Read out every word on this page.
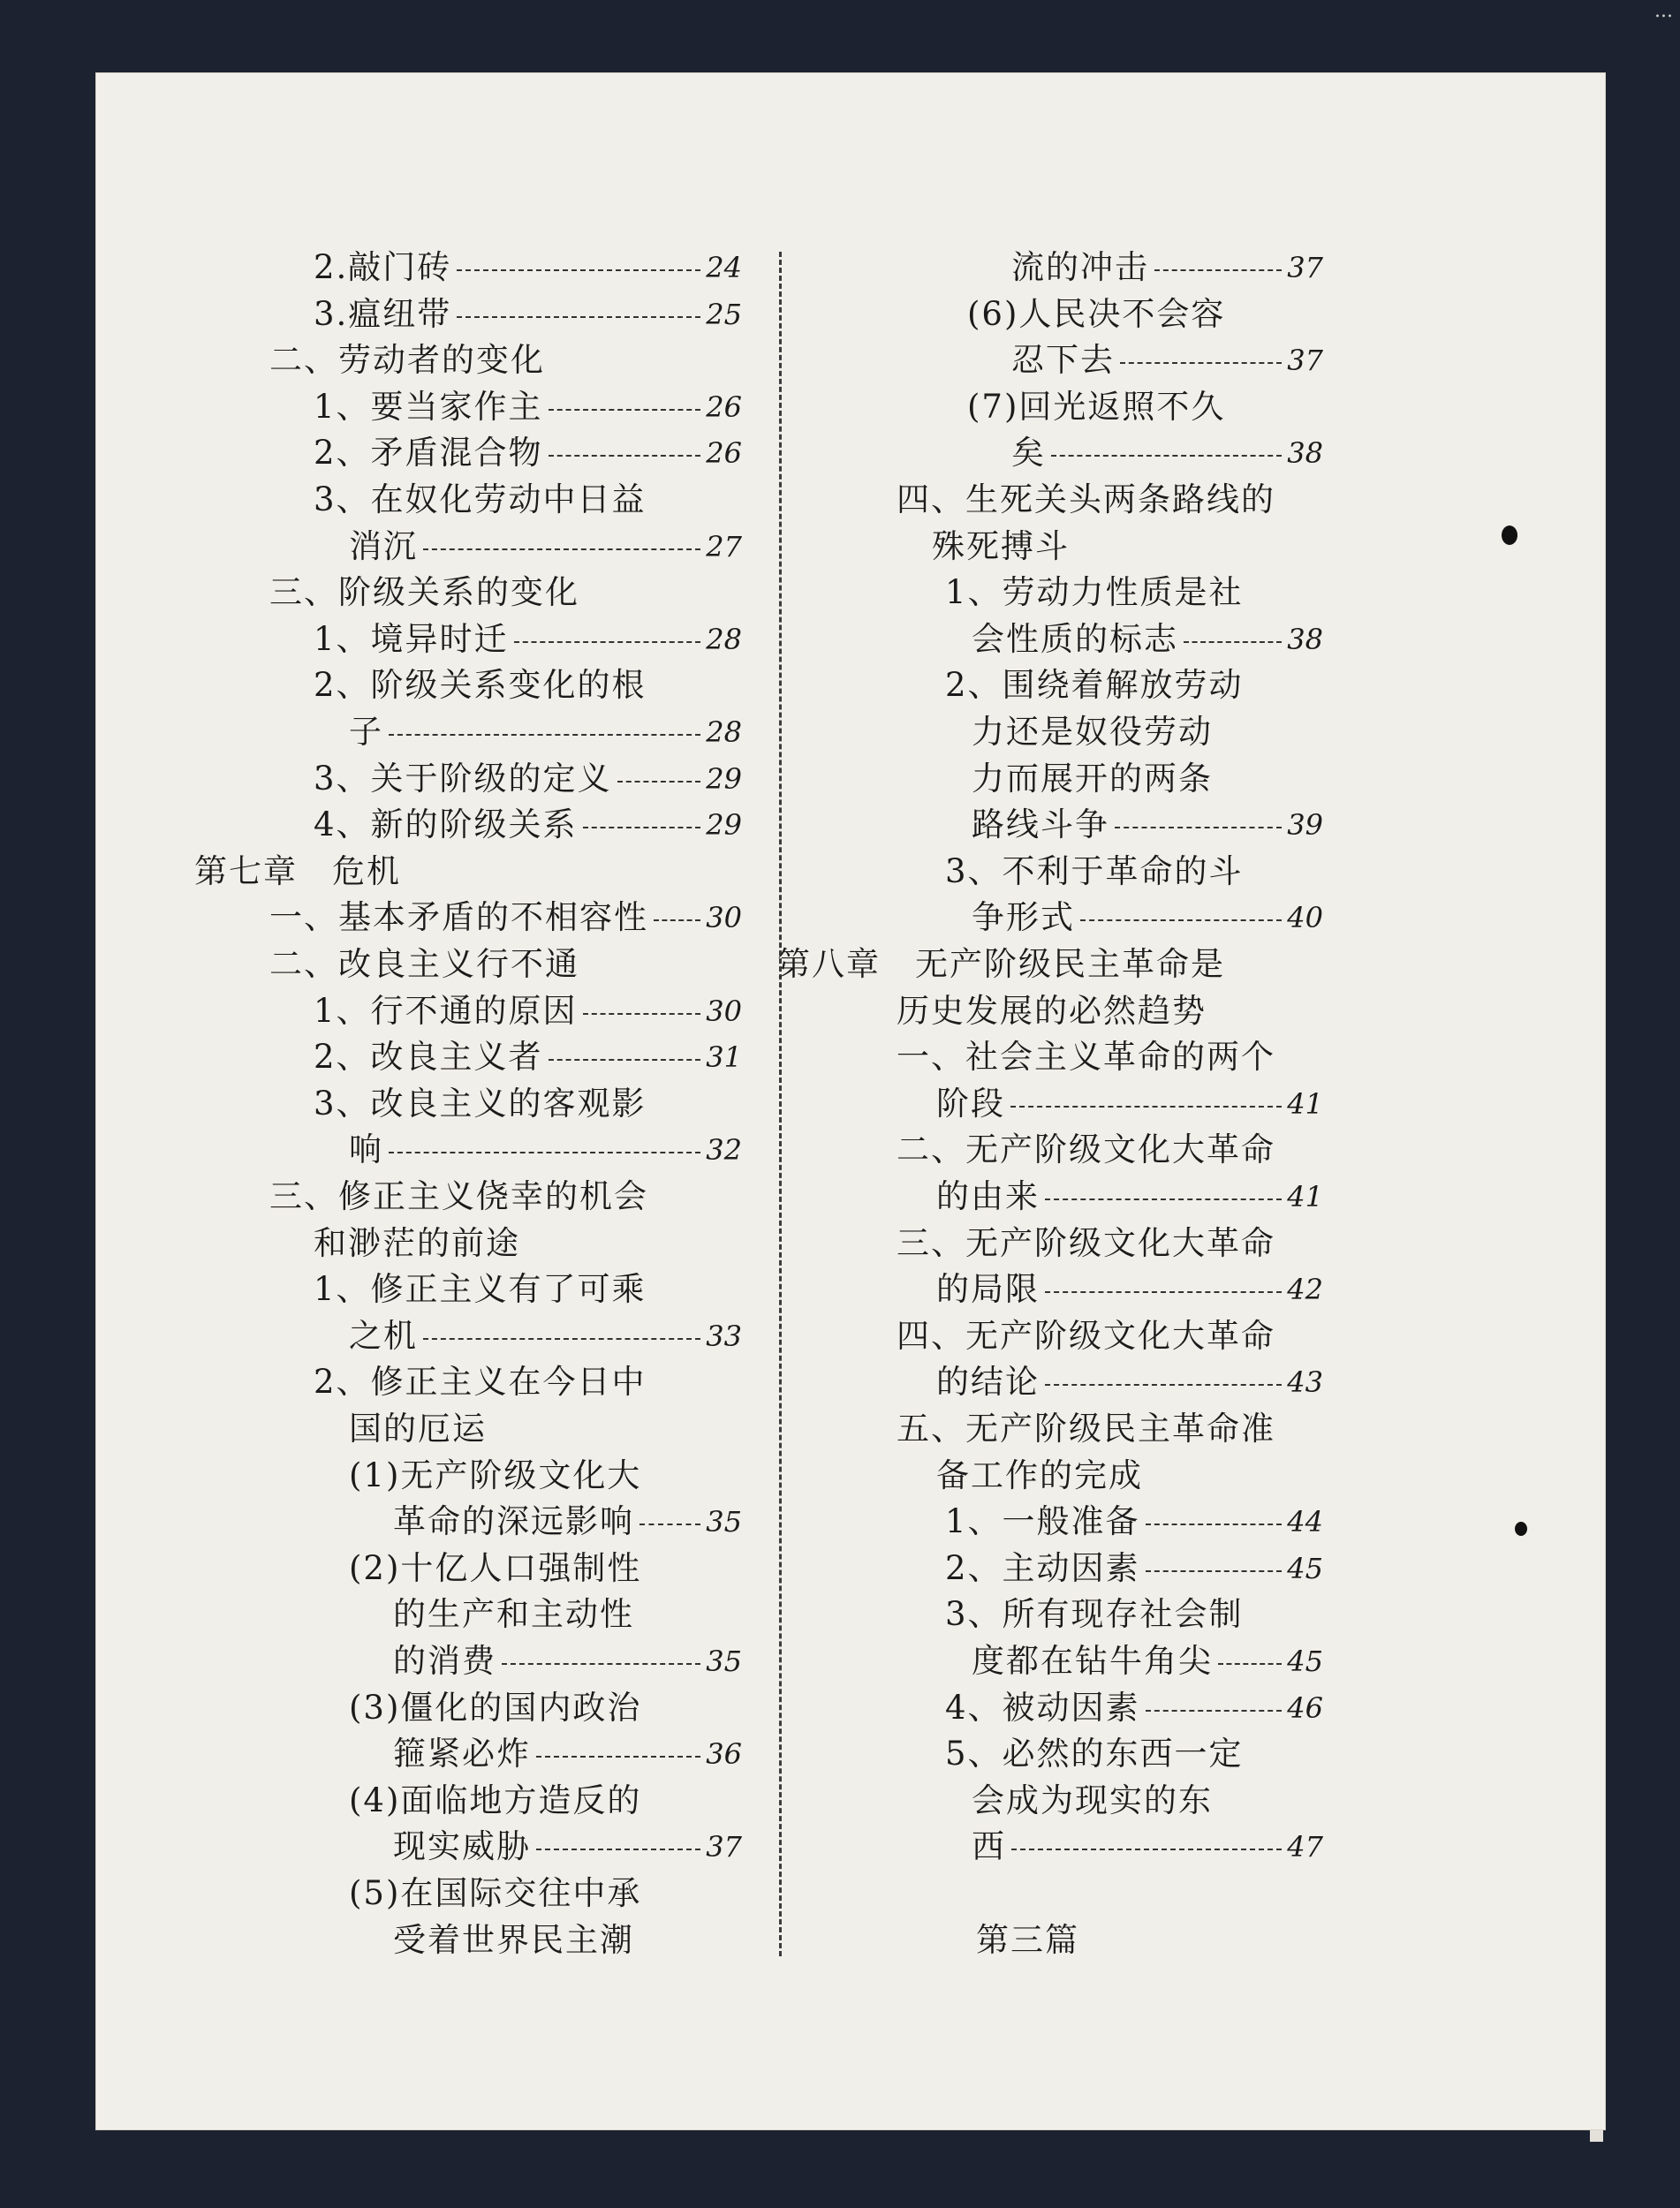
...
2.敲门砖	24
3.瘟纽带	25
二、劳动者的变化
1、要当家作主	26
2、矛盾混合物	26
3、在奴化劳动中日益
消沉	27
三、阶级关系的变化
1、境异时迁	28
2、阶级关系变化的根
子	28
3、关于阶级的定义	29
4、新的阶级关系	29
第七章　危机
一、基本矛盾的不相容性 30
二、改良主义行不通
1、行不通的原因	30
2、改良主义者	31
3、改良主义的客观影
响	32
三、修正主义侥幸的机会
和渺茫的前途
1、修正主义有了可乘
之机	33
2、修正主义在今日中
国的厄运
(1)无产阶级文化大
革命的深远影响	35
(2)十亿人口强制性
的生产和主动性
的消费	35
(3)僵化的国内政治
箍紧必炸	36
(4)面临地方造反的
现实威胁	37
(5)在国际交往中承
受着世界民主潮
流的冲击	37
(6)人民决不会容
忍下去	37
(7)回光返照不久
矣	38
四、生死关头两条路线的
殊死搏斗
1、劳动力性质是社
会性质的标志	38
2、围绕着解放劳动
力还是奴役劳动
力而展开的两条
路线斗争	39
3、不利于革命的斗
争形式	40
第八章　无产阶级民主革命是
历史发展的必然趋势
一、社会主义革命的两个
阶段	41
二、无产阶级文化大革命
的由来	41
三、无产阶级文化大革命
的局限	42
四、无产阶级文化大革命
的结论	43
五、无产阶级民主革命准
备工作的完成
1、一般准备	44
2、主动因素	45
3、所有现存社会制
度都在钻牛角尖	45
4、被动因素	46
5、必然的东西一定
会成为现实的东
西	47
第三篇
